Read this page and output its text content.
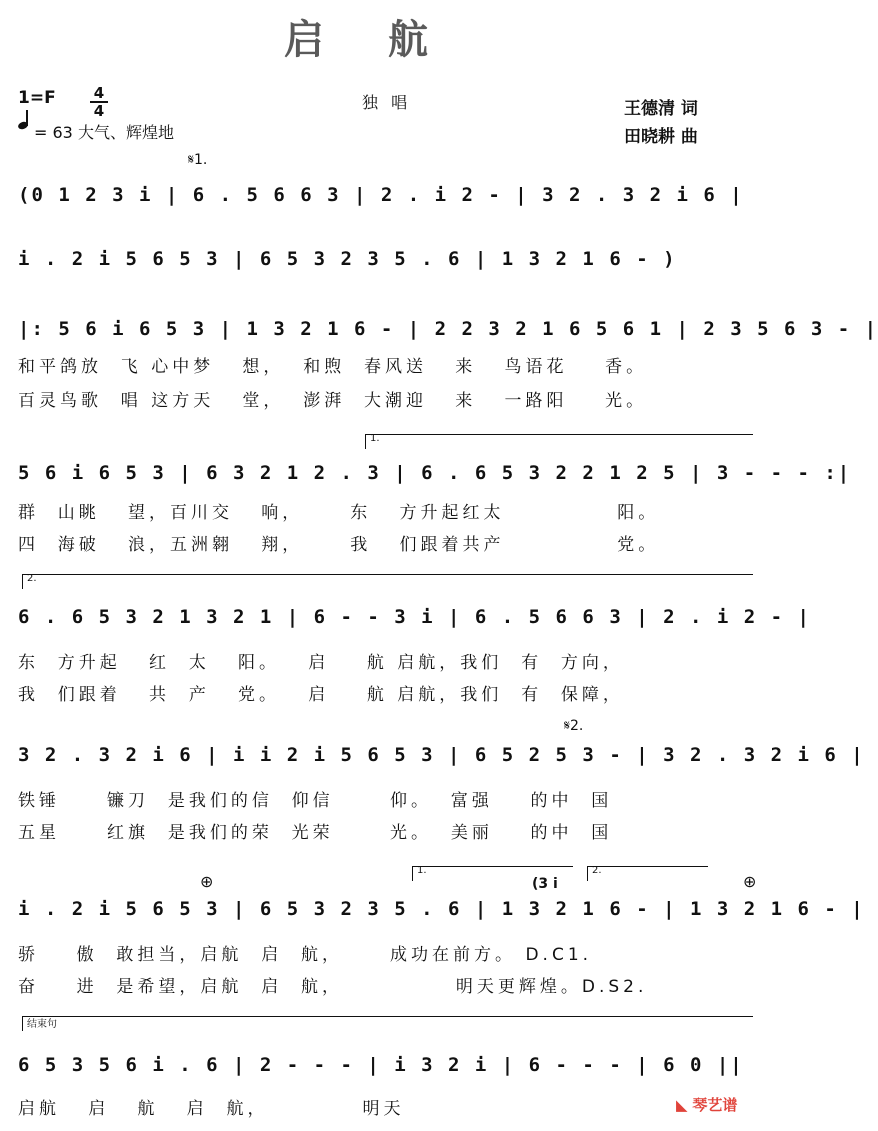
启航
1=F	4
4
= 63 大气、辉煌地
独 唱	王德清 词
田晓耕 曲
𝄋1.
(0 1 2 3 i | 6 . 5 6 6 3 | 2 . i 2 - | 3 2 . 3 2 i 6 |
i . 2 i 5 6 5 3 | 6 5 3 2 3 5 . 6 | 1 3 2 1 6 - )
|: 5 6 i 6 5 3 | 1 3 2 1 6 - | 2 2 3 2 1 6 5 6 1 | 2 3 5 6 3 - |
和平鸽放  飞 心中梦   想，  和煦  春风送   来   鸟语花    香。
百灵鸟歌  唱 这方天   堂，  澎湃  大潮迎   来   一路阳    光。
1.
5 6 i 6 5 3 | 6 3 2 1 2 . 3 | 6 . 6 5 3 2 2 1 2 5 | 3 - - - :|
群  山眺   望，百川交   响，     东   方升起红太            阳。
四  海破   浪，五洲翱   翔，     我   们跟着共产            党。
2.
6 . 6 5 3 2 1 3 2 1 | 6 - - 3 i | 6 . 5 6 6 3 | 2 . i 2 - |
东  方升起   红  太   阳。   启    航 启航，我们  有  方向，
我  们跟着   共  产   党。   启    航 启航，我们  有  保障，
𝄋2.
3 2 . 3 2 i 6 | i i 2 i 5 6 5 3 | 6 5 2 5 3 - | 3 2 . 3 2 i 6 |
铁锤     镰刀  是我们的信  仰信      仰。  富强    的中  国
五星     红旗  是我们的荣  光荣      光。  美丽    的中  国
⊕	⊕
1.	2.
(3 i
i . 2 i 5 6 5 3 | 6 5 3 2 3 5 . 6 | 1 3 2 1 6 - | 1 3 2 1 6 - |
骄    傲  敢担当，启航  启  航，     成功在前方。 D.C1.
奋    进  是希望，启航  启  航，            明天更辉煌。D.S2.
结束句
6 5 3 5 6 i . 6 | 2 - - - | i 3 2 i | 6 - - - | 6 0 ||
启航   启   航   启  航，          明天	◣ 琴艺谱
